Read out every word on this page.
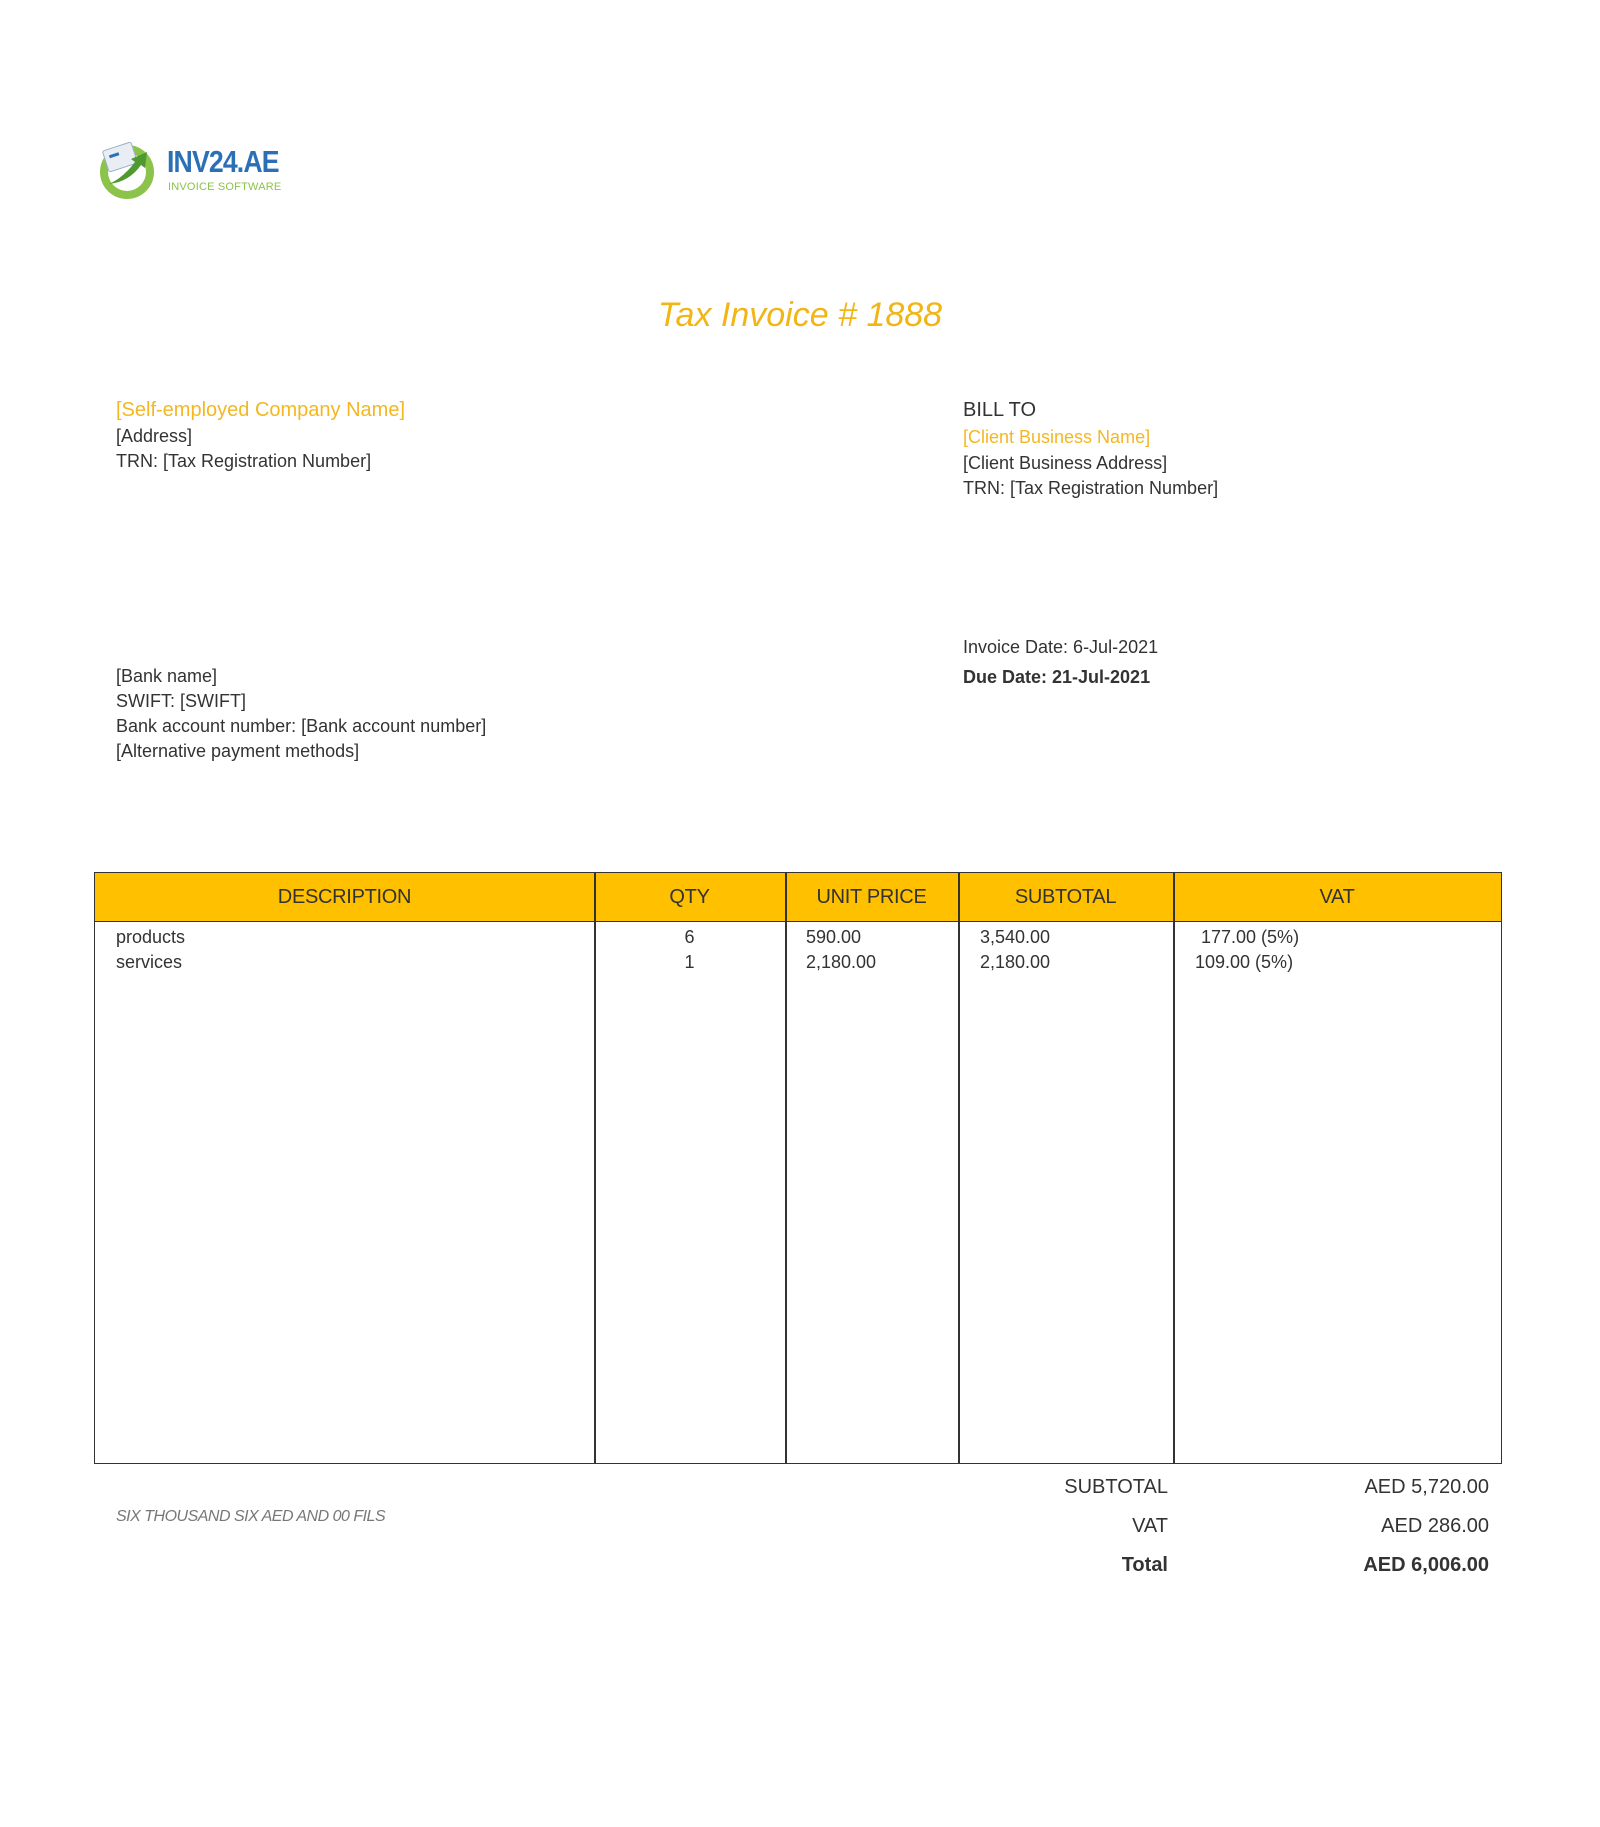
INV24.AE
INVOICE SOFTWARE
Tax Invoice # 1888
[Self-employed Company Name]
[Address]
TRN: [Tax Registration Number]
BILL TO
[Client Business Name]
[Client Business Address]
TRN: [Tax Registration Number]
Invoice Date: 6-Jul-2021
Due Date: 21-Jul-2021
[Bank name]
SWIFT: [SWIFT]
Bank account number: [Bank account number]
[Alternative payment methods]
DESCRIPTION	QTY	UNIT PRICE	SUBTOTAL	VAT
products	6	590.00	3,540.00	177.00 (5%)
services	1	2,180.00	2,180.00	109.00 (5%)
SIX THOUSAND SIX AED AND 00 FILS
SUBTOTAL	AED 5,720.00
VAT	AED 286.00
Total	AED 6,006.00
